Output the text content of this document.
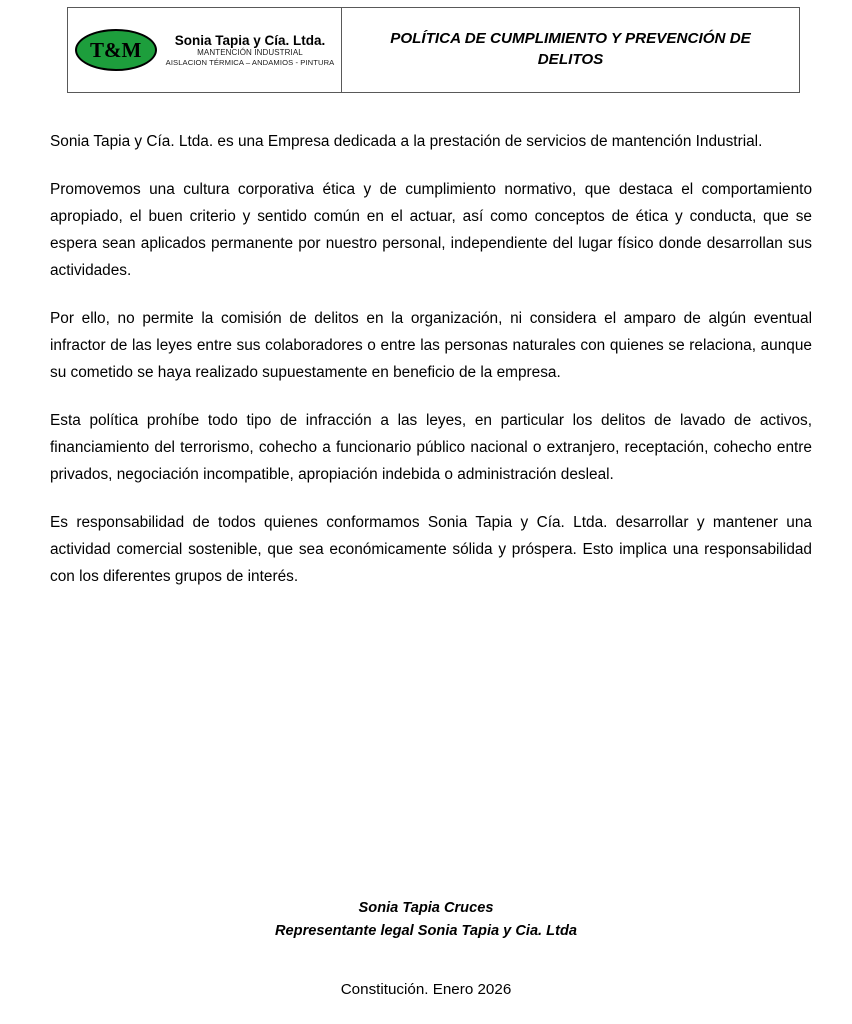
T&M	Sonia Tapia y Cía. Ltda.
MANTENCIÓN INDUSTRIAL
AISLACION TÉRMICA – ANDAMIOS - PINTURA

POLÍTICA DE CUMPLIMIENTO Y PREVENCIÓN DE DELITOS

Sonia Tapia y Cía. Ltda. es una Empresa dedicada a la prestación de servicios de mantención Industrial.

Promovemos una cultura corporativa ética y de cumplimiento normativo, que destaca el comportamiento apropiado, el buen criterio y sentido común en el actuar, así como conceptos de ética y conducta, que se espera sean aplicados permanente por nuestro personal, independiente del lugar físico donde desarrollan sus actividades.

Por ello, no permite la comisión de delitos en la organización, ni considera el amparo de algún eventual infractor de las leyes entre sus colaboradores o entre las personas naturales con quienes se relaciona, aunque su cometido se haya realizado supuestamente en beneficio de la empresa.

Esta política prohíbe todo tipo de infracción a las leyes, en particular los delitos de lavado de activos, financiamiento del terrorismo, cohecho a funcionario público nacional o extranjero, receptación, cohecho entre privados, negociación incompatible, apropiación indebida o administración desleal.

Es responsabilidad de todos quienes conformamos Sonia Tapia y Cía. Ltda. desarrollar y mantener una actividad comercial sostenible, que sea económicamente sólida y próspera. Esto implica una responsabilidad con los diferentes grupos de interés.

Sonia Tapia Cruces
Representante legal Sonia Tapia y Cia. Ltda
Constitución. Enero 2026
